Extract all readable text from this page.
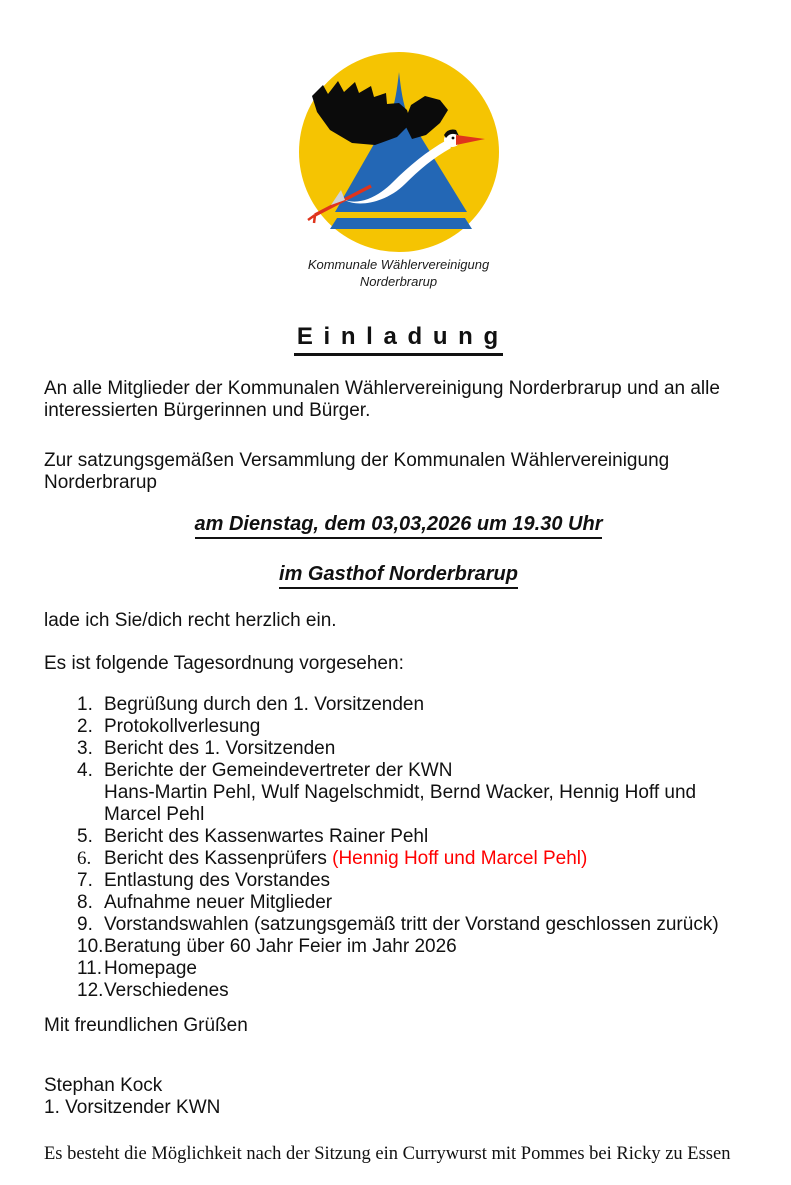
Kommunale Wählervereinigung
Norderbrarup
E i n l a d u n g

An alle Mitglieder der Kommunalen Wählervereinigung Norderbrarup und an alle interessierten Bürgerinnen und Bürger.

Zur satzungsgemäßen Versammlung der Kommunalen Wählervereinigung Norderbrarup

am Dienstag, dem 03,03,2026 um 19.30 Uhr
im Gasthof Norderbrarup

lade ich Sie/dich recht herzlich ein.

Es ist folgende Tagesordnung vorgesehen:

1. Begrüßung durch den 1. Vorsitzenden
2. Protokollverlesung
3. Bericht des 1. Vorsitzenden
4. Berichte der Gemeindevertreter der KWN
Hans-Martin Pehl, Wulf Nagelschmidt, Bernd Wacker, Hennig Hoff und Marcel Pehl
5. Bericht des Kassenwartes Rainer Pehl
6. Bericht des Kassenprüfers (Hennig Hoff und Marcel Pehl)
7. Entlastung des Vorstandes
8. Aufnahme neuer Mitglieder
9. Vorstandswahlen (satzungsgemäß tritt der Vorstand geschlossen zurück)
10. Beratung über 60 Jahr Feier im Jahr 2026
11. Homepage
12. Verschiedenes

Mit freundlichen Grüßen

Stephan Kock

1. Vorsitzender KWN

Es besteht die Möglichkeit nach der Sitzung ein Currywurst mit Pommes bei Ricky zu Essen
